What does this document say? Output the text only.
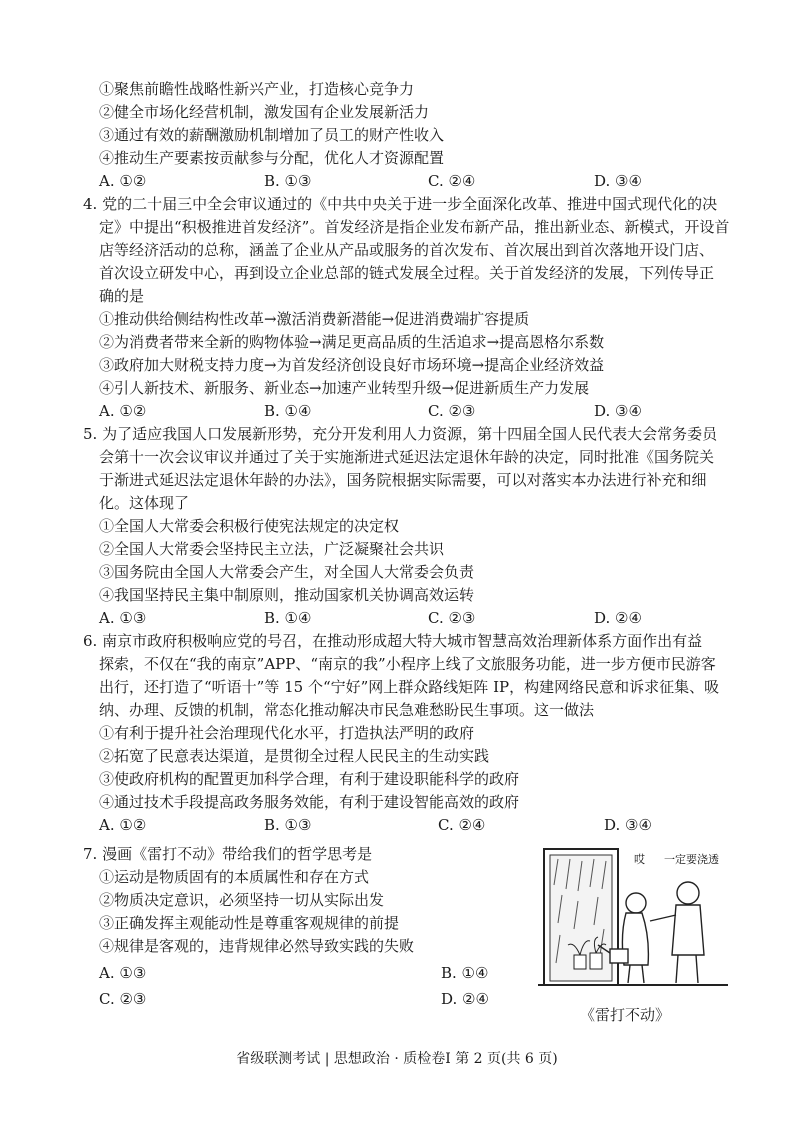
①聚焦前瞻性战略性新兴产业，打造核心竞争力
②健全市场化经营机制，激发国有企业发展新活力
③通过有效的薪酬激励机制增加了员工的财产性收入
④推动生产要素按贡献参与分配，优化人才资源配置
A. ①②	B. ①③	C. ②④	D. ③④
4. 党的二十届三中全会审议通过的《中共中央关于进一步全面深化改革、推进中国式现代化的决
定》中提出“积极推进首发经济”。首发经济是指企业发布新产品，推出新业态、新模式，开设首
店等经济活动的总称，涵盖了企业从产品或服务的首次发布、首次展出到首次落地开设门店、
首次设立研发中心，再到设立企业总部的链式发展全过程。关于首发经济的发展，下列传导正
确的是
①推动供给侧结构性改革→激活消费新潜能→促进消费端扩容提质
②为消费者带来全新的购物体验→满足更高品质的生活追求→提高恩格尔系数
③政府加大财税支持力度→为首发经济创设良好市场环境→提高企业经济效益
④引人新技术、新服务、新业态→加速产业转型升级→促进新质生产力发展
A. ①②	B. ①④	C. ②③	D. ③④
5. 为了适应我国人口发展新形势，充分开发利用人力资源，第十四届全国人民代表大会常务委员
会第十一次会议审议并通过了关于实施渐进式延迟法定退休年龄的决定，同时批准《国务院关
于渐进式延迟法定退休年龄的办法》，国务院根据实际需要，可以对落实本办法进行补充和细
化。这体现了
①全国人大常委会积极行使宪法规定的决定权
②全国人大常委会坚持民主立法，广泛凝聚社会共识
③国务院由全国人大常委会产生，对全国人大常委会负责
④我国坚持民主集中制原则，推动国家机关协调高效运转
A. ①③	B. ①④	C. ②③	D. ②④
6. 南京市政府积极响应党的号召，在推动形成超大特大城市智慧高效治理新体系方面作出有益
探索，不仅在“我的南京”APP、“南京的我”小程序上线了文旅服务功能，进一步方便市民游客
出行，还打造了“听语十”等 15 个“宁好”网上群众路线矩阵 IP，构建网络民意和诉求征集、吸
纳、办理、反馈的机制，常态化推动解决市民急难愁盼民生事项。这一做法
①有利于提升社会治理现代化水平，打造执法严明的政府
②拓宽了民意表达渠道，是贯彻全过程人民民主的生动实践
③使政府机构的配置更加科学合理，有利于建设职能科学的政府
④通过技术手段提高政务服务效能，有利于建设智能高效的政府
A. ①②	B. ①③	C. ②④	D. ③④
7. 漫画《雷打不动》带给我们的哲学思考是
①运动是物质固有的本质属性和存在方式
②物质决定意识，必须坚持一切从实际出发
③正确发挥主观能动性是尊重客观规律的前提
④规律是客观的，违背规律必然导致实践的失败
A. ①③	B. ①④
C. ②③	D. ②④
哎 一定要浇透
《雷打不动》
省级联测考试 | 思想政治 · 质检卷Ⅰ 第 2 页(共 6 页)
